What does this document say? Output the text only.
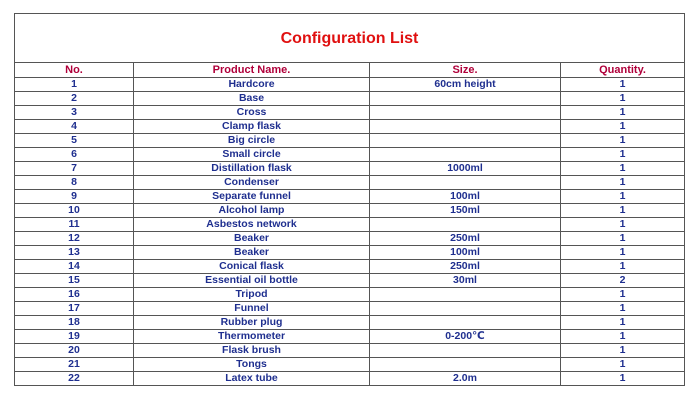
Configuration List			
No.	Product Name.	Size.	Quantity.
1	Hardcore	60cm height	1
2	Base		1
3	Cross		1
4	Clamp flask		1
5	Big circle		1
6	Small circle		1
7	Distillation flask	1000ml	1
8	Condenser		1
9	Separate funnel	100ml	1
10	Alcohol lamp	150ml	1
11	Asbestos network		1
12	Beaker	250ml	1
13	Beaker	100ml	1
14	Conical flask	250ml	1
15	Essential oil bottle	30ml	2
16	Tripod		1
17	Funnel		1
18	Rubber plug		1
19	Thermometer	0-200℃	1
20	Flask brush		1
21	Tongs		1
22	Latex tube	2.0m	1
